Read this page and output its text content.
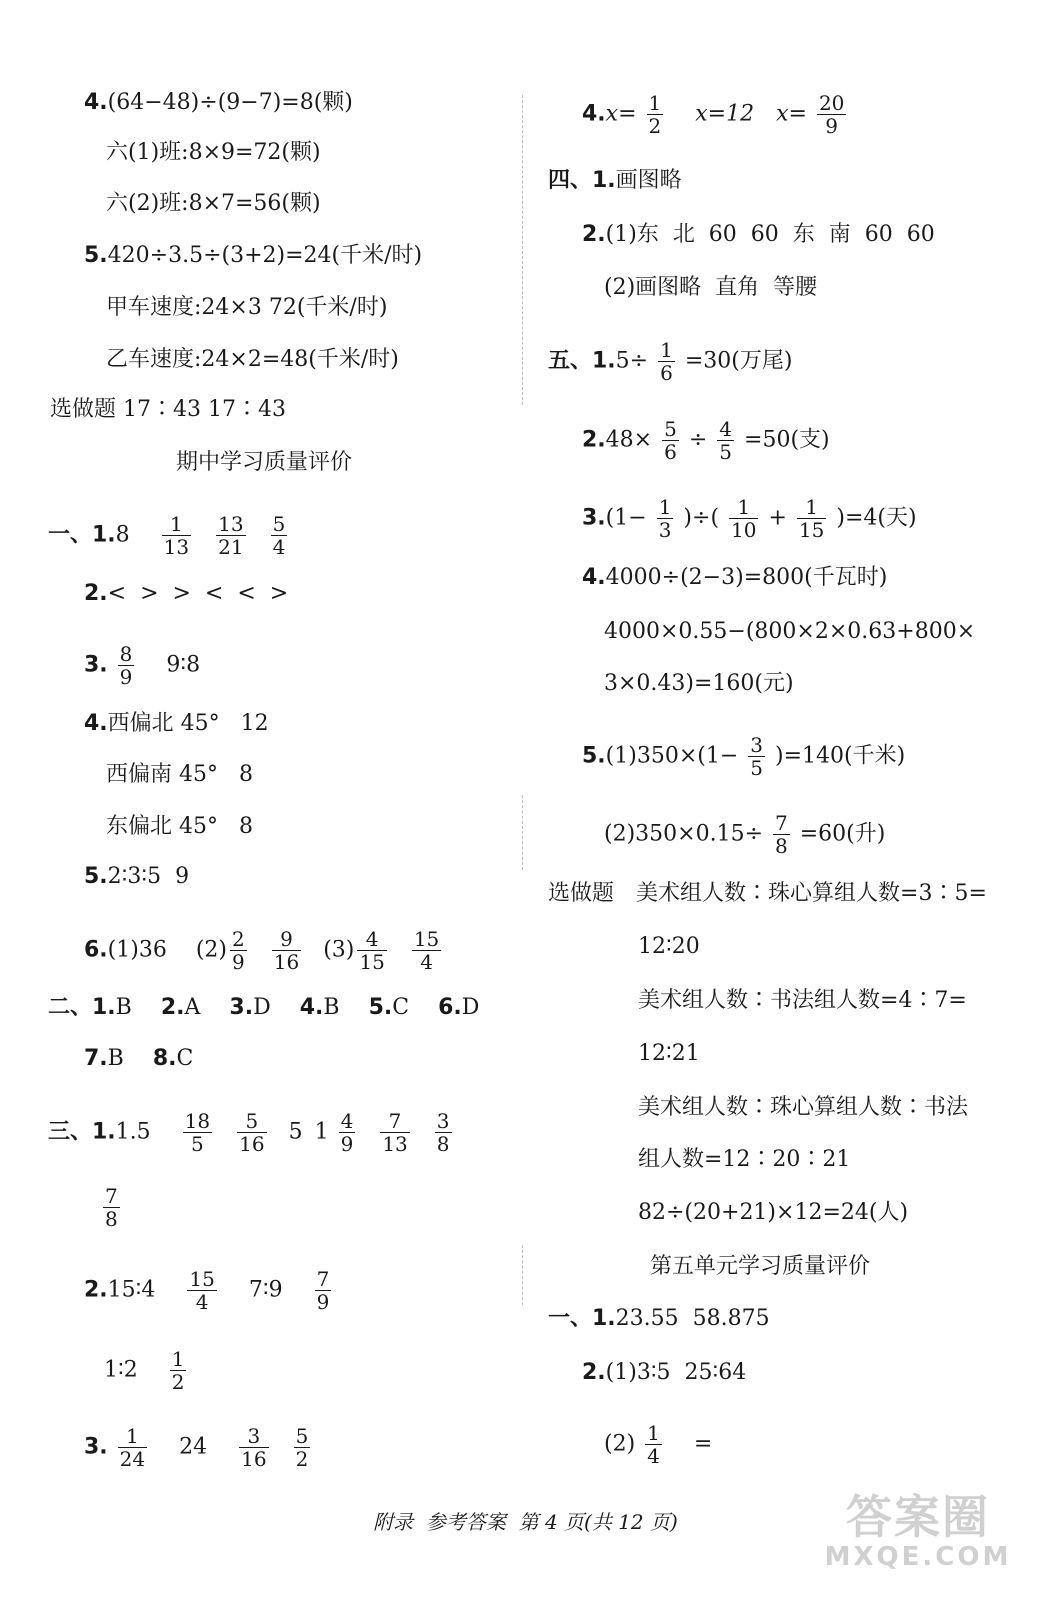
4.(64−48)÷(9−7)=8(颗)
六(1)班:8×9=72(颗)
六(2)班:8×7=56(颗)
5.420÷3.5÷(3+2)=24(千米/时)
甲车速度:24×3 72(千米/时)
乙车速度:24×2=48(千米/时)
选做题 17∶43 17∶43
期中学习质量评价
一、$1.8 \frac{1}{13}$
$\frac{13}{21}$
$\frac{5}{4}$
2.<  >  >  <  <  >
3. $\frac{8}{9}$ 9∶8
4.西偏北 45°   12
西偏南 45°   8
东偏北 45°   8
5.2∶3∶5  9
6.(1)36 $(2) \frac{2}{9}$
$\frac{9}{16} (3) \frac{4}{15}$
$\frac{15}{4}$
二、1.B 2.A 3.D 4.B 5.C 6.D
7.B 8.C
三、$1.1.5 \frac{18}{5}$
$\frac{5}{16} 5$ $1 \frac{4}{9}$
$\frac{7}{13}$
$\frac{3}{8}$
$\frac{7}{8}$
2.15∶4 $\frac{15}{4}$ 7∶9 $\frac{7}{9}$
1∶2 $\frac{1}{2}$
3. $\frac{1}{24} 24 \frac{3}{16}$
$\frac{5}{2}$
$4.x= \frac{1}{2} x=12$ $x= \frac{20}{9}$
四、1.画图略
2.(1)东  北  60  60  东  南  60  60
(2)画图略  直角  等腰
五、$1.5\div \frac{1}{6} =30$(万尾)
$2.48\times \frac{5}{6} \div \frac{4}{5} =50$(支)
$3.(1- \frac{1}{3}$ )÷( $\frac{1}{10} + \frac{1}{15} )=4$(天)
4.4000÷(2−3)=800(千瓦时)
4000×0.55−(800×2×0.63+800×
3×0.43)=160(元)
$5.(1)350\times(1- \frac{3}{5} )=140$(千米)
$(2)350\times 0.15\div \frac{7}{8} =60$(升)
选做题 美术组人数∶珠心算组人数=3∶5=
12∶20
美术组人数∶书法组人数=4∶7=
12∶21
美术组人数∶珠心算组人数∶书法
组人数=12∶20∶21
82÷(20+21)×12=24(人)
第五单元学习质量评价
一、1.23.55  58.875
2.(1)3∶5  25∶64
$(2) \frac{1}{4}$ =
附录  参考答案  第 4 页(共 12 页)	答案圈
MXQE.COM
